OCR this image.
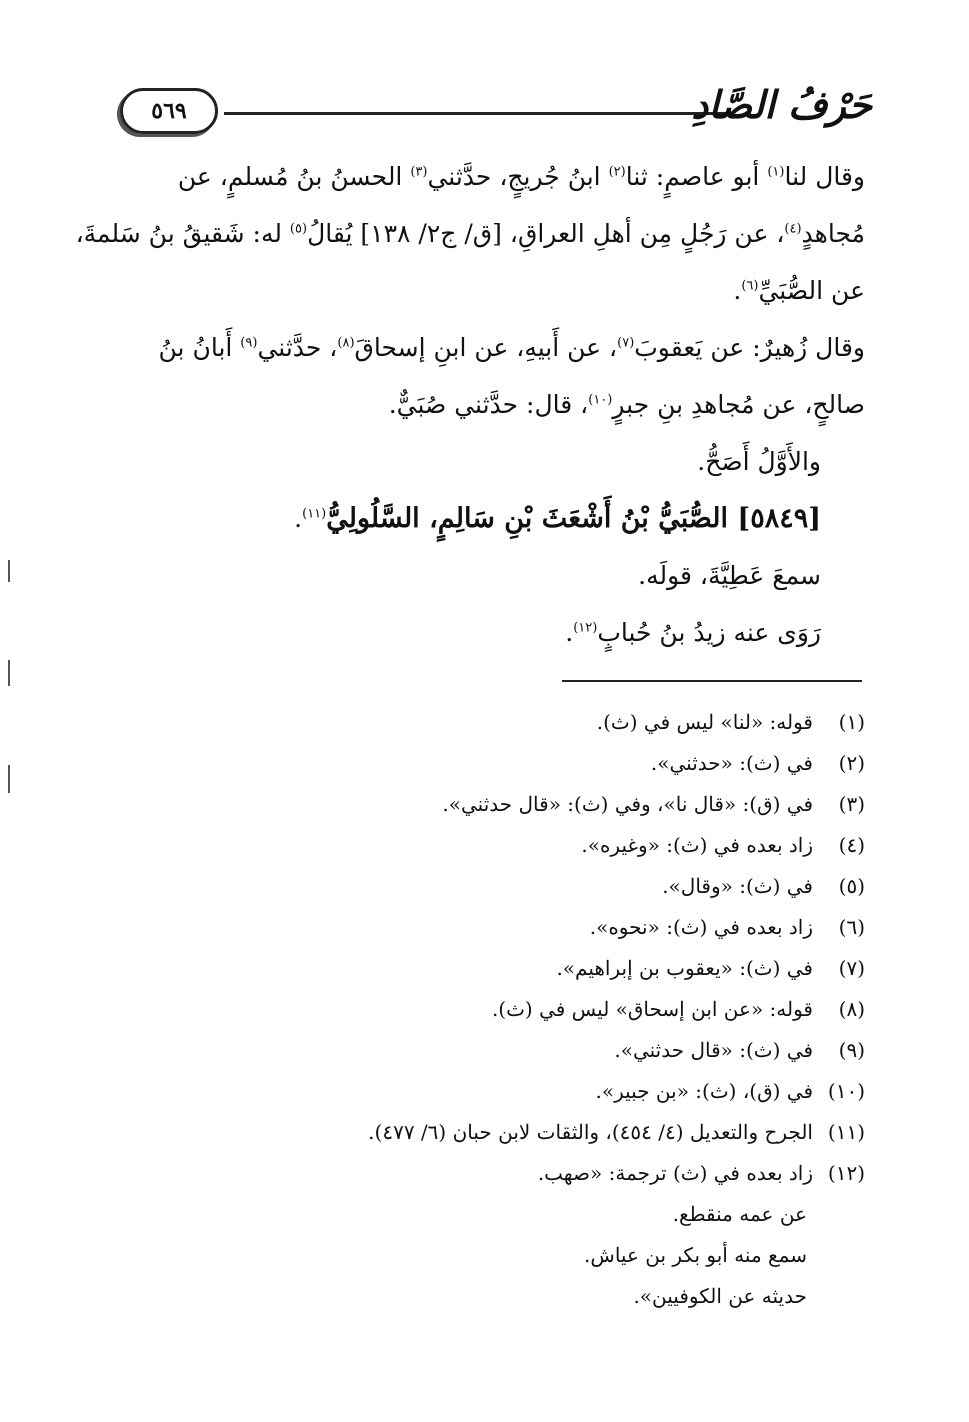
٥٦٩	حَرْفُ الصَّادِ
وقال لنا$^{(١)}$ أبو عاصمٍ: ثنا$^{(٢)}$ ابنُ جُريجٍ، حدَّثني$^{(٣)}$ الحسنُ بنُ مُسلمٍ، عن
مُجاهدٍ$^{(٤)}$، عن رَجُلٍ مِن أهلِ العراقِ، [ق/ ج٢/ ١٣٨] يُقالُ$^{(٥)}$ له: شَقيقُ بنُ سَلمةَ،
عن الصُّبَيِّ$^{(٦)}$.
وقال زُهيرٌ: عن يَعقوبَ$^{(٧)}$، عن أَبيهِ، عن ابنِ إسحاقَ$^{(٨)}$، حدَّثني$^{(٩)}$ أَبانُ بنُ
صالحٍ، عن مُجاهدِ بنِ جبرٍ$^{(١٠)}$، قال: حدَّثني صُبَيٌّ.
والأَوَّلُ أَصَحُّ.
[٥٨٤٩] الصُّبَيُّ بْنُ أَشْعَثَ بْنِ سَالِمٍ، السَّلُولِيُّ$^{(١١)}$.
سمعَ عَطِيَّةَ، قولَه.
رَوَى عنه زيدُ بنُ حُبابٍ$^{(١٢)}$.
(١)قوله: «لنا» ليس في (ث).
(٢)في (ث): «حدثني».
(٣)في (ق): «قال نا»، وفي (ث): «قال حدثني».
(٤)زاد بعده في (ث): «وغيره».
(٥)في (ث): «وقال».
(٦)زاد بعده في (ث): «نحوه».
(٧)في (ث): «يعقوب بن إبراهيم».
(٨)قوله: «عن ابن إسحاق» ليس في (ث).
(٩)في (ث): «قال حدثني».
(١٠)في (ق)، (ث): «بن جبير».
(١١)الجرح والتعديل (٤/ ٤٥٤)، والثقات لابن حبان (٦/ ٤٧٧).
(١٢)زاد بعده في (ث) ترجمة: «صهب.
عن عمه منقطع.
سمع منه أبو بكر بن عياش.
حديثه عن الكوفيين».
